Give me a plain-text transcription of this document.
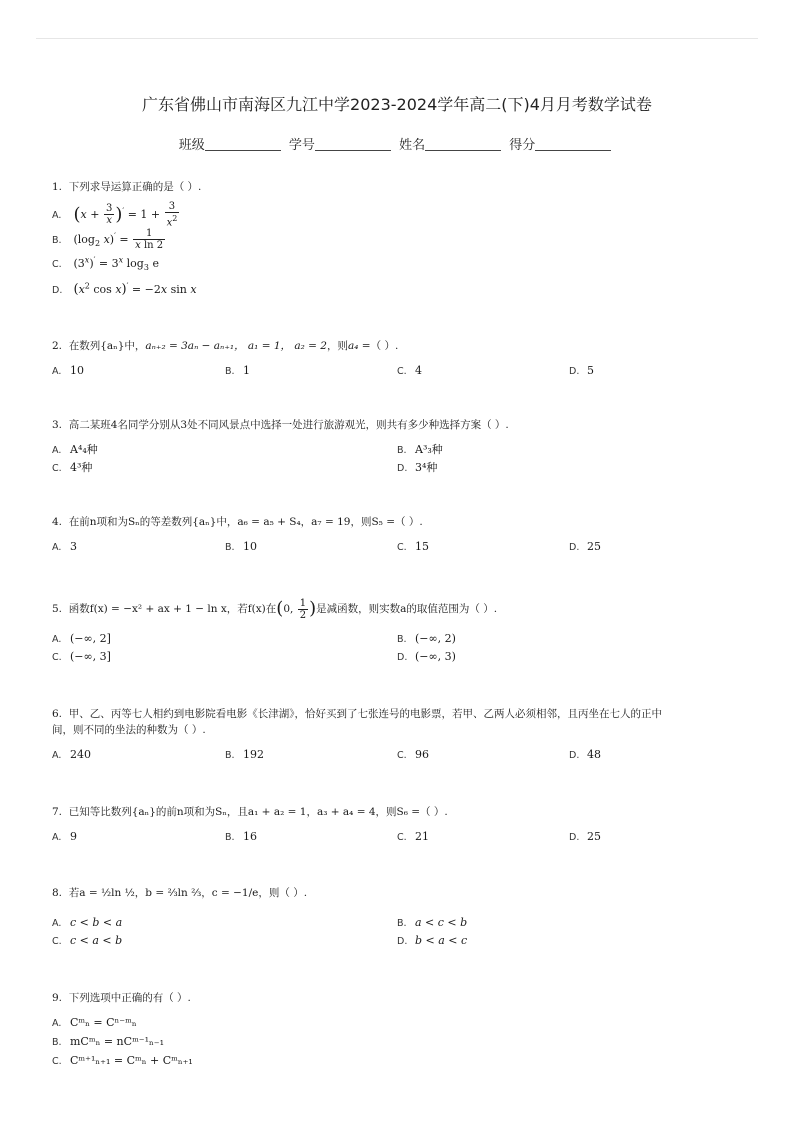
广东省佛山市南海区九江中学2023-2024学年高二(下)4月月考数学试卷
班级	学号	姓名	得分
1. 下列求导运算正确的是（ ）.
A. $(x + \frac{3}{x} )' = 1 + \frac{3}{x^2}$
B. ($\log_2$ $x)' = \frac{1}{\text{x ln 2}}$
C. $(3^x)' = 3^x$ $\log_3 e$
D. ($x^2$ cos x)′ = −2x sin x
2. 在数列{aₙ}中，aₙ₊₂ = 3aₙ − aₙ₊₁， a₁ = 1， a₂ = 2，则a₄ =（ ）.
A. 10	B. 1	C. 4	D. 5
3. 高二某班4名同学分别从3处不同风景点中选择一处进行旅游观光，则共有多少种选择方案（ ）.
A. A⁴₄种	B. A³₃种
C. 4³种	D. 3⁴种
4. 在前n项和为Sₙ的等差数列{aₙ}中，a₆ = a₅ + S₄，a₇ = 19，则S₅ =（ ）.
A. 3	B. 10	C. 15	D. 25
5. 函数f(x) = −x² + ax + 1 − ln x，若f(x)在(0, $\frac{1}{2}$ )是减函数，则实数a的取值范围为（ ）.
A. (−∞, 2]	B. (−∞, 2)
C. (−∞, 3]	D. (−∞, 3)
6. 甲、乙、丙等七人相约到电影院看电影《长津湖》，恰好买到了七张连号的电影票，若甲、乙两人必须相邻，且丙坐在七人的正中
间，则不同的坐法的种数为（ ）.
A. 240	B. 192	C. 96	D. 48
7. 已知等比数列{aₙ}的前n项和为Sₙ，且a₁ + a₂ = 1，a₃ + a₄ = 4，则S₆ =（ ）.
A. 9	B. 16	C. 21	D. 25
8. 若a = ½ln ½，b = ⅔ln ⅔，c = −1/e，则（ ）.
A. c < b < a	B. a < c < b
C. c < a < b	D. b < a < c
9. 下列选项中正确的有（ ）.
A. Cᵐₙ = Cⁿ⁻ᵐₙ
B. mCᵐₙ = nCᵐ⁻¹ₙ₋₁
C. Cᵐ⁺¹ₙ₊₁ = Cᵐₙ + Cᵐₙ₊₁
